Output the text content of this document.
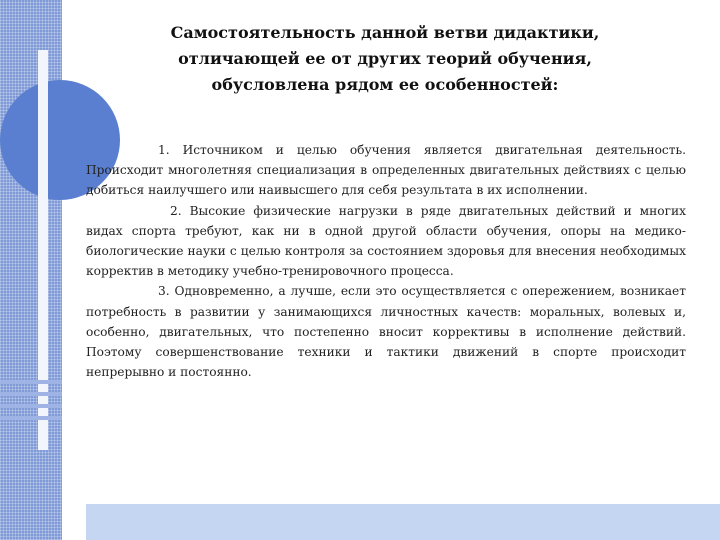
Самостоятельность данной ветви дидактики,
отличающей ее от других теорий обучения,
обусловлена рядом ее особенностей:

1. Источником и целью обучения является двигательная деятельность. Происходит многолетняя специализация в определенных двигательных действиях с целью добиться наилучшего или наивысшего для себя результата в их исполнении.

2. Высокие физические нагрузки в ряде двигательных действий и многих видах спорта требуют, как ни в одной другой области обучения, опоры на медико-биологические науки с целью контроля за состоянием здоровья для внесения необходимых корректив в методику учебно-тренировочного процесса.

3. Одновременно, а лучше, если это осуществляется с опережением, возникает потребность в развитии у занимающихся личностных качеств: моральных, волевых и, особенно, двигательных, что постепенно вносит коррективы в исполнение действий. Поэтому совершенствование техники и тактики движений в спорте происходит непрерывно и постоянно.
